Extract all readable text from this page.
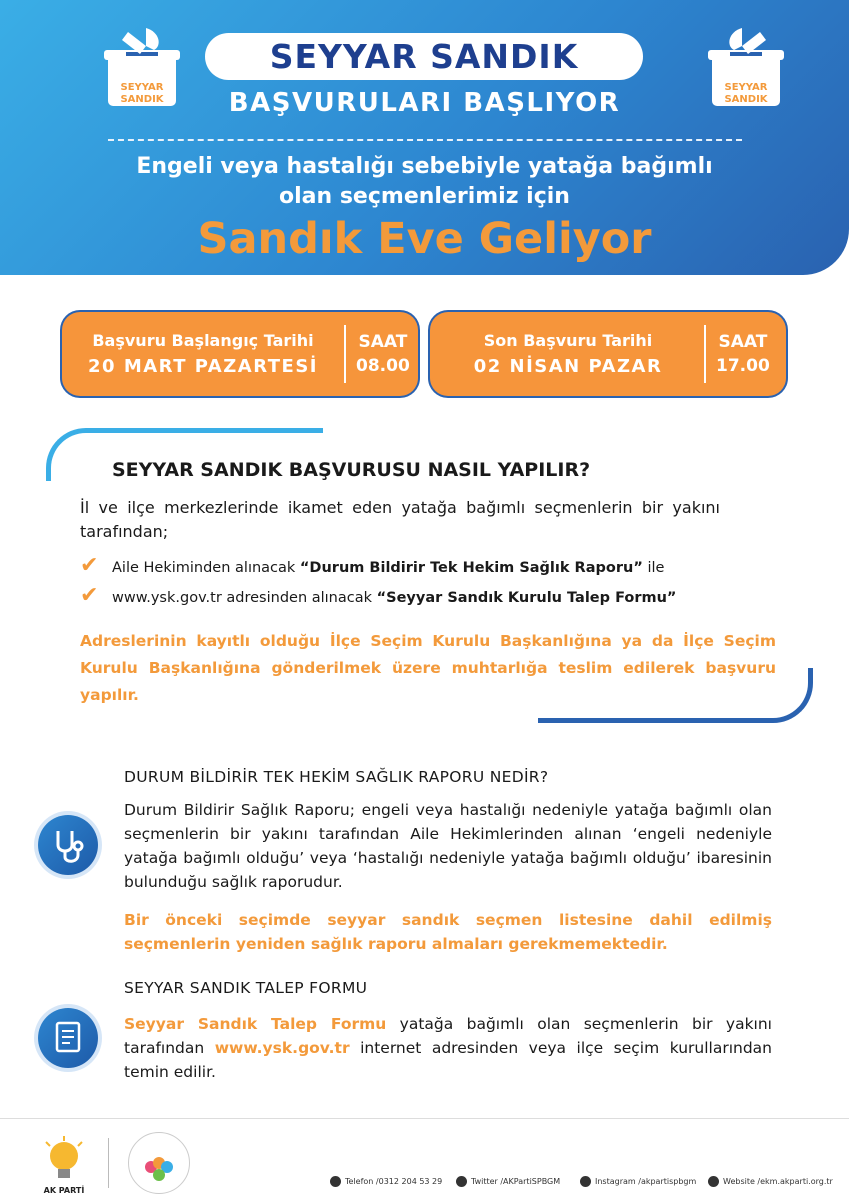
SEYYAR SANDIK
SEYYAR SANDIK
SEYYAR SANDIK
BAŞVURULARI BAŞLIYOR
Engeli veya hastalığı sebebiyle yatağa bağımlı
olan seçmenlerimiz için
Sandık Eve Geliyor
Başvuru Başlangıç Tarihi
20 MART PAZARTESİ
SAAT
08.00
Son Başvuru Tarihi
02 NİSAN PAZAR
SAAT
17.00
SEYYAR SANDIK BAŞVURUSU NASIL YAPILIR?
İl ve ilçe merkezlerinde ikamet eden yatağa bağımlı seçmenlerin bir yakını tarafından;
✔ Aile Hekiminden alınacak “Durum Bildirir Tek Hekim Sağlık Raporu” ile
✔ www.ysk.gov.tr adresinden alınacak “Seyyar Sandık Kurulu Talep Formu”
Adreslerinin kayıtlı olduğu İlçe Seçim Kurulu Başkanlığına ya da İlçe Seçim Kurulu Başkanlığına gönderilmek üzere muhtarlığa teslim edilerek başvuru yapılır.
DURUM BİLDİRİR TEK HEKİM SAĞLIK RAPORU NEDİR?
Durum Bildirir Sağlık Raporu; engeli veya hastalığı nedeniyle yatağa bağımlı olan seçmenlerin bir yakını tarafından Aile Hekimlerinden alınan ‘engeli nedeniyle yatağa bağımlı olduğu’ veya ‘hastalığı nedeniyle yatağa bağımlı olduğu’ ibaresinin bulunduğu sağlık raporudur.
Bir önceki seçimde seyyar sandık seçmen listesine dahil edilmiş seçmenlerin yeniden sağlık raporu almaları gerekmemektedir.
SEYYAR SANDIK TALEP FORMU
Seyyar Sandık Talep Formu yatağa bağımlı olan seçmenlerin bir yakını tarafından www.ysk.gov.tr internet adresinden veya ilçe seçim kurullarından temin edilir.
AK PARTİ
Telefon /0312 204 53 29	Twitter /AKPartiSPBGM	Instagram /akpartispbgm	Website /ekm.akparti.org.tr
